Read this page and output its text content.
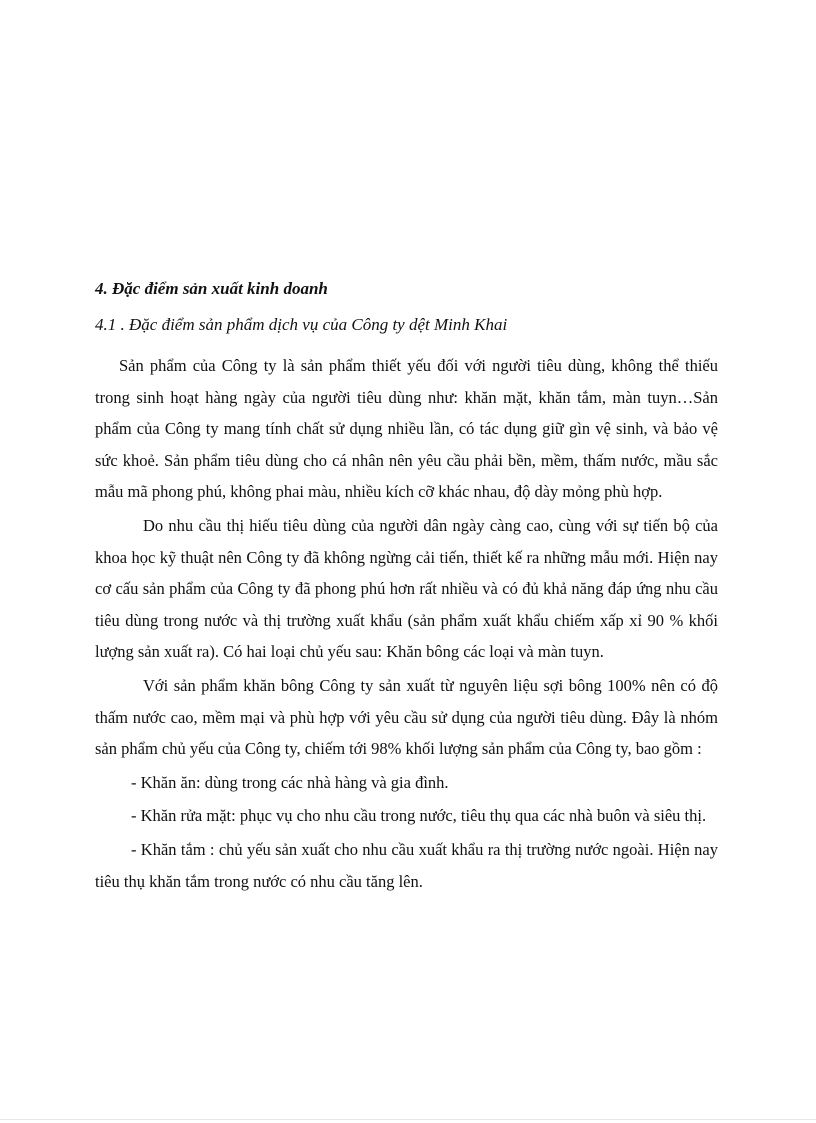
4. Đặc điểm sản xuất kinh doanh
4.1 . Đặc điểm sản phẩm dịch vụ của Công ty dệt Minh Khai

Sản phẩm của Công ty là sản phẩm thiết yếu đối với người tiêu dùng, không thể thiếu trong sinh hoạt hàng ngày của người tiêu dùng như: khăn mặt, khăn tắm, màn tuyn…Sản phẩm của Công ty mang tính chất sử dụng nhiều lần, có tác dụng giữ gìn vệ sinh, và bảo vệ sức khoẻ. Sản phẩm tiêu dùng cho cá nhân nên yêu cầu phải bền, mềm, thấm nước, mầu sắc mẫu mã phong phú, không phai màu, nhiều kích cỡ khác nhau, độ dày mỏng phù hợp.

Do nhu cầu thị hiếu tiêu dùng của người dân ngày càng cao, cùng với sự tiến bộ của khoa học kỹ thuật nên Công ty đã không ngừng cải tiến, thiết kế ra những mẫu mới. Hiện nay cơ cấu sản phẩm của Công ty đã phong phú hơn rất nhiều và có đủ khả năng đáp ứng nhu cầu tiêu dùng trong nước và thị trường xuất khẩu (sản phẩm xuất khẩu chiếm xấp xỉ 90 % khối lượng sản xuất ra). Có hai loại chủ yếu sau: Khăn bông các loại và màn tuyn.

Với sản phẩm khăn bông Công ty sản xuất từ nguyên liệu sợi bông 100% nên có độ thấm nước cao, mềm mại và phù hợp với yêu cầu sử dụng của người tiêu dùng. Đây là nhóm sản phẩm chủ yếu của Công ty, chiếm tới 98% khối lượng sản phẩm của Công ty, bao gồm :

- Khăn ăn: dùng trong các nhà hàng và gia đình.

- Khăn rửa mặt: phục vụ cho nhu cầu trong nước, tiêu thụ qua các nhà buôn và siêu thị.

- Khăn tắm : chủ yếu sản xuất cho nhu cầu xuất khẩu ra thị trường nước ngoài. Hiện nay tiêu thụ khăn tắm trong nước có nhu cầu tăng lên.
